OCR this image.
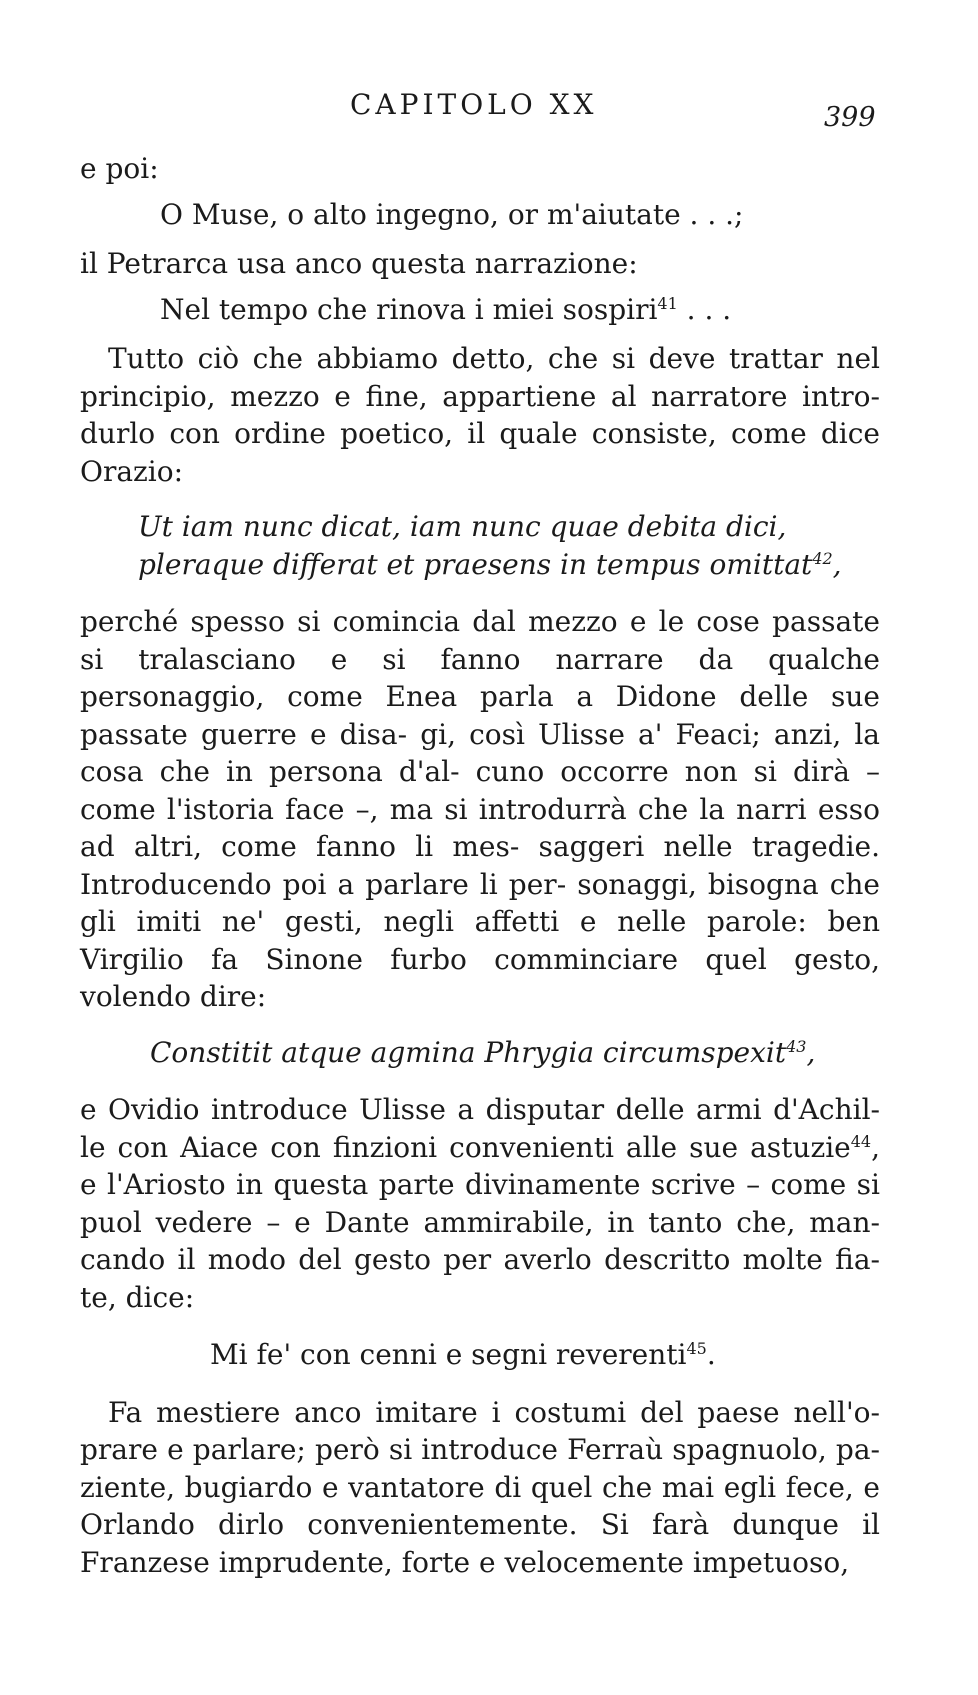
CAPITOLO XX	399

e poi:

O Muse, o alto ingegno, or m'aiutate . . .;

il Petrarca usa anco questa narrazione:

Nel tempo che rinova i miei sospiri$^{41}$ . . .

Tutto ciò che abbiamo detto, che si deve trattar nel principio, mezzo e fine, appartiene al narratore intro- durlo con ordine poetico, il quale consiste, come dice Orazio:

Ut iam nunc dicat, iam nunc quae debita dici,
pleraque differat et praesens in tempus omittat$^{42}$,

perché spesso si comincia dal mezzo e le cose passate si tralasciano e si fanno narrare da qualche personaggio, come Enea parla a Didone delle sue passate guerre e disa- gi, così Ulisse a' Feaci; anzi, la cosa che in persona d'al- cuno occorre non si dirà – come l'istoria face –, ma si introdurrà che la narri esso ad altri, come fanno li mes- saggeri nelle tragedie. Introducendo poi a parlare li per- sonaggi, bisogna che gli imiti ne' gesti, negli affetti e nelle parole: ben Virgilio fa Sinone furbo comminciare quel gesto, volendo dire:

Constitit atque agmina Phrygia circumspexit$^{43}$,

e Ovidio introduce Ulisse a disputar delle armi d'Achil- le con Aiace con finzioni convenienti alle sue astuzie$^{44}$, e l'Ariosto in questa parte divinamente scrive – come si puol vedere – e Dante ammirabile, in tanto che, man- cando il modo del gesto per averlo descritto molte fia- te, dice:

Mi fe' con cenni e segni reverenti$^{45}$.

Fa mestiere anco imitare i costumi del paese nell'o- prare e parlare; però si introduce Ferraù spagnuolo, pa- ziente, bugiardo e vantatore di quel che mai egli fece, e Orlando dirlo convenientemente. Si farà dunque il Franzese imprudente, forte e velocemente impetuoso,
